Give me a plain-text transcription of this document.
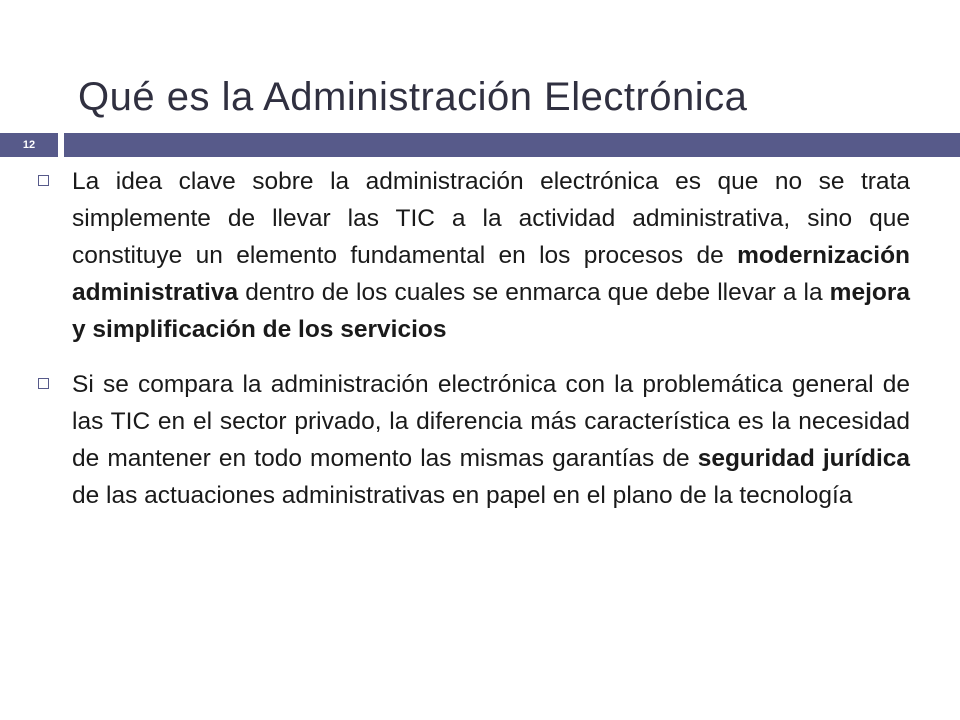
Qué es la Administración Electrónica
12
La idea clave sobre la administración electrónica es que no se trata simplemente de llevar las TIC a la actividad administrativa, sino que constituye un elemento fundamental en los procesos de modernización administrativa dentro de los cuales se enmarca que debe llevar a la mejora y simplificación de los servicios
Si se compara la administración electrónica con la problemática general de las TIC en el sector privado, la diferencia más característica es la necesidad de mantener en todo momento las mismas garantías de seguridad jurídica de las actuaciones administrativas en papel en el plano de la tecnología
